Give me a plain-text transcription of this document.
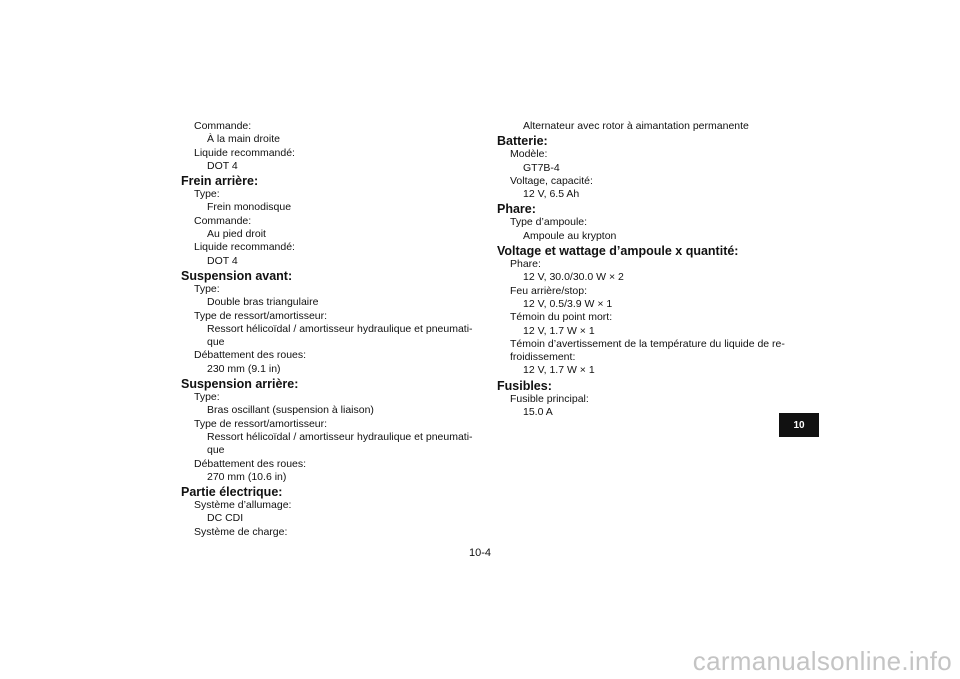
Commande:
À la main droite
Liquide recommandé:
DOT 4
Frein arrière:
Type:
Frein monodisque
Commande:
Au pied droit
Liquide recommandé:
DOT 4
Suspension avant:
Type:
Double bras triangulaire
Type de ressort/amortisseur:
Ressort hélicoïdal / amortisseur hydraulique et pneumati-
que
Débattement des roues:
230 mm (9.1 in)
Suspension arrière:
Type:
Bras oscillant (suspension à liaison)
Type de ressort/amortisseur:
Ressort hélicoïdal / amortisseur hydraulique et pneumati-
que
Débattement des roues:
270 mm (10.6 in)
Partie électrique:
Système d’allumage:
DC CDI
Système de charge:
Alternateur avec rotor à aimantation permanente
Batterie:
Modèle:
GT7B-4
Voltage, capacité:
12 V, 6.5 Ah
Phare:
Type d’ampoule:
Ampoule au krypton
Voltage et wattage d’ampoule x quantité:
Phare:
12 V, 30.0/30.0 W × 2
Feu arrière/stop:
12 V, 0.5/3.9 W × 1
Témoin du point mort:
12 V, 1.7 W × 1
Témoin d’avertissement de la température du liquide de re-
froidissement:
12 V, 1.7 W × 1
Fusibles:
Fusible principal:
15.0 A
10-4
10
carmanualsonline.info
